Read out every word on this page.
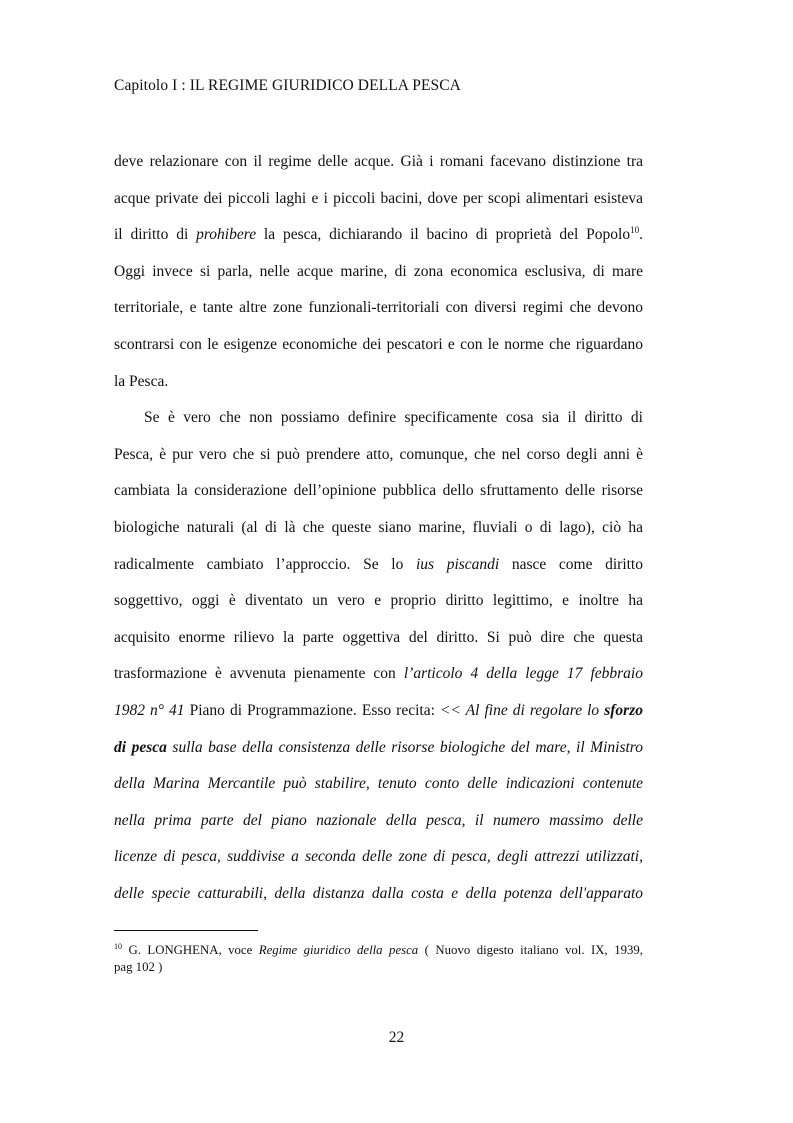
Capitolo I : IL REGIME GIURIDICO DELLA PESCA
deve relazionare con il regime delle acque. Già i romani facevano distinzione tra
acque private dei piccoli laghi e i piccoli bacini, dove per scopi alimentari esisteva
il diritto di prohibere la pesca, dichiarando il bacino di proprietà del Popolo$^{10}$.
Oggi invece si parla, nelle acque marine, di zona economica esclusiva, di mare
territoriale, e tante altre zone funzionali-territoriali con diversi regimi che devono
scontrarsi con le esigenze economiche dei pescatori e con le norme che riguardano
la Pesca.
Se è vero che non possiamo definire specificamente cosa sia il diritto di
Pesca, è pur vero che si può prendere atto, comunque, che nel corso degli anni è
cambiata la considerazione dell’opinione pubblica dello sfruttamento delle risorse
biologiche naturali (al di là che queste siano marine, fluviali o di lago), ciò ha
radicalmente cambiato l’approccio. Se lo ius piscandi nasce come diritto
soggettivo, oggi è diventato un vero e proprio diritto legittimo, e inoltre ha
acquisito enorme rilievo la parte oggettiva del diritto. Si può dire che questa
trasformazione è avvenuta pienamente con l’articolo 4 della legge 17 febbraio
1982 n° 41 Piano di Programmazione. Esso recita: << Al fine di regolare lo sforzo
di pesca sulla base della consistenza delle risorse biologiche del mare, il Ministro
della Marina Mercantile può stabilire, tenuto conto delle indicazioni contenute
nella prima parte del piano nazionale della pesca, il numero massimo delle
licenze di pesca, suddivise a seconda delle zone di pesca, degli attrezzi utilizzati,
delle specie catturabili, della distanza dalla costa e della potenza dell'apparato
$^{10}$ G. LONGHENA, voce Regime giuridico della pesca ( Nuovo digesto italiano vol. IX, 1939,
pag 102 )
22
